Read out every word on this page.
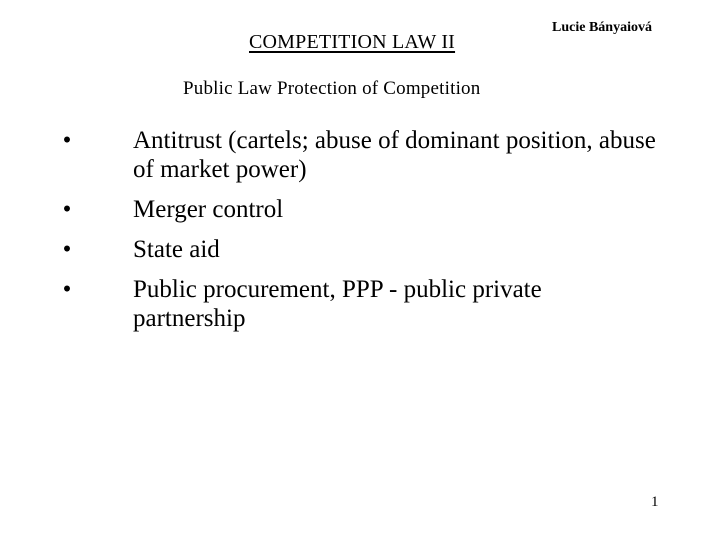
COMPETITION LAW II
Lucie Bányaiová
Public Law Protection of Competition
• Antitrust (cartels; abuse of dominant position, abuse of market power)
• Merger control
• State aid
• Public procurement, PPP - public private partnership
1
